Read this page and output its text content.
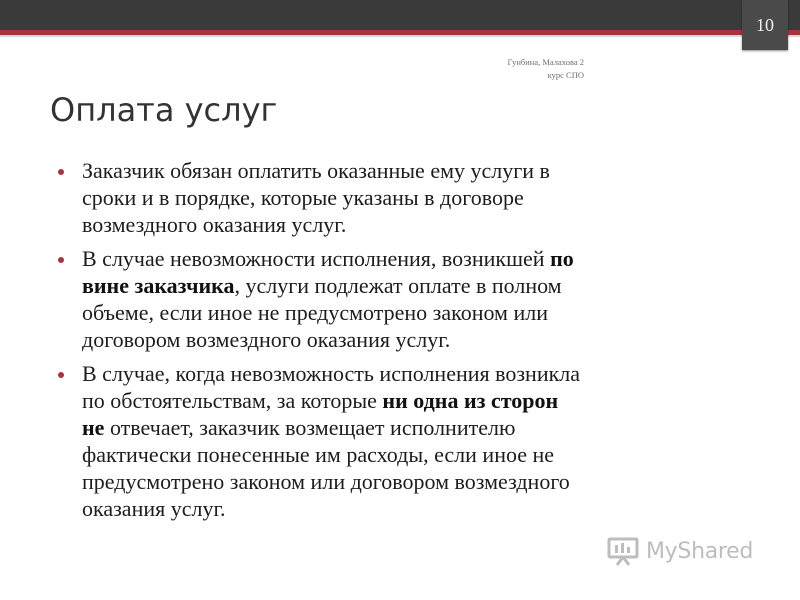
10
Гунбина, Малахова 2
курс СПО
Оплата услуг
Заказчик обязан оплатить оказанные ему услуги в
сроки и в порядке, которые указаны в договоре
возмездного оказания услуг.
В случае невозможности исполнения, возникшей по
вине заказчика, услуги подлежат оплате в полном
объеме, если иное не предусмотрено законом или
договором возмездного оказания услуг.
В случае, когда невозможность исполнения возникла
по обстоятельствам, за которые ни одна из сторон
не отвечает, заказчик возмещает исполнителю
фактически понесенные им расходы, если иное не
предусмотрено законом или договором возмездного
оказания услуг.
MyShared
